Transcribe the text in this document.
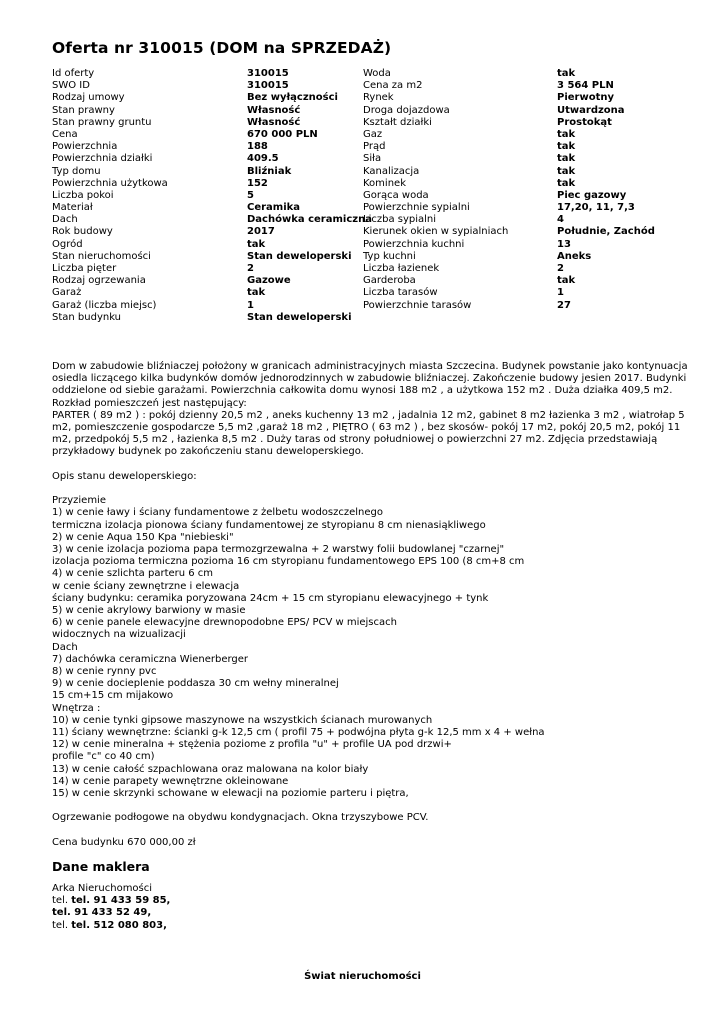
Oferta nr 310015 (DOM na SPRZEDAŻ)
Id oferty
SWO ID
Rodzaj umowy
Stan prawny
Stan prawny gruntu
Cena
Powierzchnia
Powierzchnia działki
Typ domu
Powierzchnia użytkowa
Liczba pokoi
Materiał
Dach
Rok budowy
Ogród
Stan nieruchomości
Liczba pięter
Rodzaj ogrzewania
Garaż
Garaż (liczba miejsc)
Stan budynku
310015
310015
Bez wyłączności
Własność
Własność
670 000 PLN
188
409.5
Bliźniak
152
5
Ceramika
Dachówka ceramiczna
2017
tak
Stan deweloperski
2
Gazowe
tak
1
Stan deweloperski
Woda
Cena za m2
Rynek
Droga dojazdowa
Kształt działki
Gaz
Prąd
Siła
Kanalizacja
Kominek
Gorąca woda
Powierzchnie sypialni
Liczba sypialni
Kierunek okien w sypialniach
Powierzchnia kuchni
Typ kuchni
Liczba łazienek
Garderoba
Liczba tarasów
Powierzchnie tarasów
tak
3 564 PLN
Pierwotny
Utwardzona
Prostokąt
tak
tak
tak
tak
tak
Piec gazowy
17,20, 11, 7,3
4
Południe, Zachód
13
Aneks
2
tak
1
27

Dom w zabudowie bliźniaczej położony w granicach administracyjnych miasta Szczecina. Budynek powstanie jako kontynuacja

osiedla liczącego kilka budynków domów jednorodzinnych w zabudowie bliźniaczej. Zakończenie budowy jesien 2017. Budynki

oddzielone od siebie garażami. Powierzchnia całkowita domu wynosi 188 m2 , a użytkowa 152 m2 . Duża działka 409,5 m2.

Rozkład pomieszczeń jest następujący:

PARTER ( 89 m2 ) : pokój dzienny 20,5 m2 , aneks kuchenny 13 m2 , jadalnia 12 m2, gabinet 8 m2 łazienka 3 m2 , wiatrołap 5

m2, pomieszczenie gospodarcze 5,5 m2 ,garaż 18 m2 , PIĘTRO ( 63 m2 ) , bez skosów- pokój 17 m2, pokój 20,5 m2, pokój 11

m2, przedpokój 5,5 m2 , łazienka 8,5 m2 . Duży taras od strony południowej o powierzchni 27 m2. Zdjęcia przedstawiają

przykładowy budynek po zakończeniu stanu deweloperskiego.

Opis stanu deweloperskiego:

Przyziemie

1) w cenie ławy i ściany fundamentowe z żelbetu wodoszczelnego

termiczna izolacja pionowa ściany fundamentowej ze styropianu 8 cm nienasiąkliwego

2) w cenie Aqua 150 Kpa "niebieski"

3) w cenie izolacja pozioma papa termozgrzewalna + 2 warstwy folii budowlanej "czarnej"

izolacja pozioma termiczna pozioma 16 cm styropianu fundamentowego EPS 100 (8 cm+8 cm

4) w cenie szlichta parteru 6 cm

w cenie ściany zewnętrzne i elewacja

ściany budynku: ceramika poryzowana 24cm + 15 cm styropianu elewacyjnego + tynk

5) w cenie akrylowy barwiony w masie

6) w cenie panele elewacyjne drewnopodobne EPS/ PCV w miejscach

widocznych na wizualizacji

Dach

7) dachówka ceramiczna Wienerberger

8) w cenie rynny pvc

9) w cenie docieplenie poddasza 30 cm wełny mineralnej

15 cm+15 cm mijakowo

Wnętrza :

10) w cenie tynki gipsowe maszynowe na wszystkich ścianach murowanych

11) ściany wewnętrzne: ścianki g-k 12,5 cm ( profil 75 + podwójna płyta g-k 12,5 mm x 4 + wełna

12) w cenie mineralna + stężenia poziome z profila "u" + profile UA pod drzwi+

profile "c" co 40 cm)

13) w cenie całość szpachlowana oraz malowana na kolor biały

14) w cenie parapety wewnętrzne okleinowane

15) w cenie skrzynki schowane w elewacji na poziomie parteru i piętra,

Ogrzewanie podłogowe na obydwu kondygnacjach. Okna trzyszybowe PCV.

Cena budynku 670 000,00 zł

Dane maklera
Arka Nieruchomości
tel. tel. 91 433 59 85,
tel. 91 433 52 49,
tel. tel. 512 080 803,
Świat nieruchomości
